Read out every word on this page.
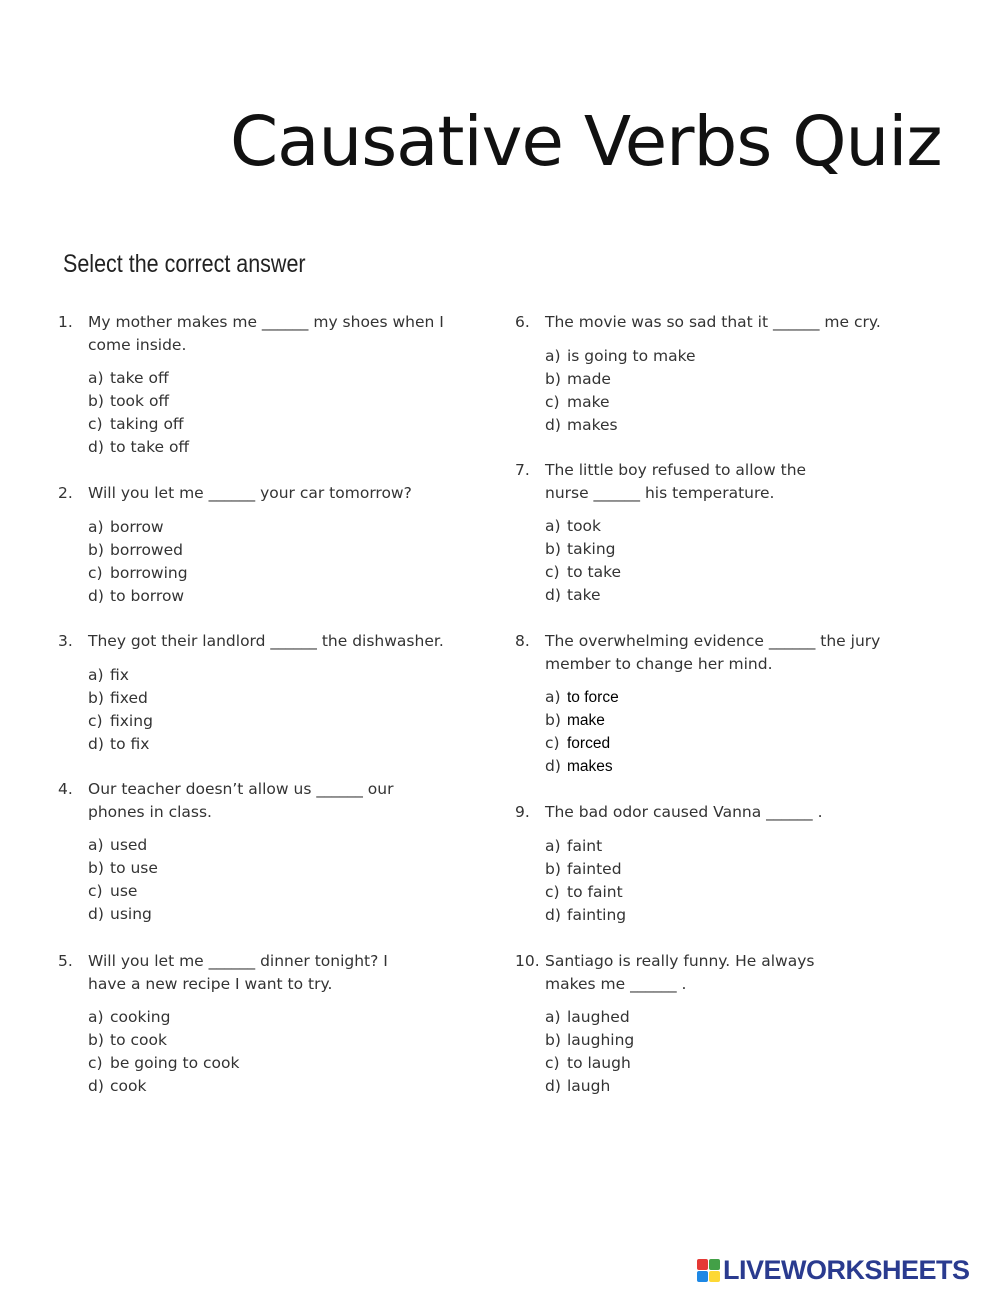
Causative Verbs Quiz
Select the correct answer
1. My mother makes me ______ my shoes when I come inside.
a) take off
b) took off
c) taking off
d) to take off
2. Will you let me ______ your car tomorrow?
a) borrow
b) borrowed
c) borrowing
d) to borrow
3. They got their landlord ______ the dishwasher.
a) fix
b) fixed
c) fixing
d) to fix
4. Our teacher doesn’t allow us ______ our phones in class.
a) used
b) to use
c) use
d) using
5. Will you let me ______ dinner tonight? I have a new recipe I want to try.
a) cooking
b) to cook
c) be going to cook
d) cook
6. The movie was so sad that it ______ me cry.
a) is going to make
b) made
c) make
d) makes
7. The little boy refused to allow the nurse ______ his temperature.
a) took
b) taking
c) to take
d) take
8. The overwhelming evidence ______ the jury member to change her mind.
a) to force
b) make
c) forced
d) makes
9. The bad odor caused Vanna ______ .
a) faint
b) fainted
c) to faint
d) fainting
10. Santiago is really funny. He always makes me ______ .
a) laughed
b) laughing
c) to laugh
d) laugh
LIVEWORKSHEETS
